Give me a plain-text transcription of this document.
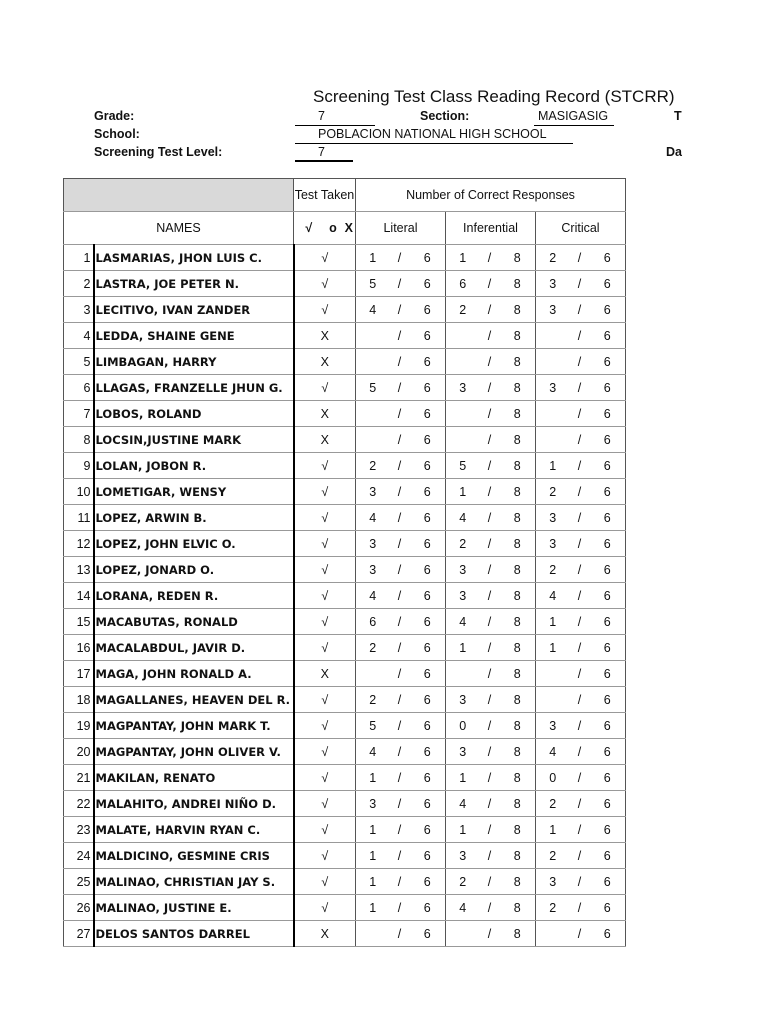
Screening Test Class Reading Record (STCRR)
Grade:	7	Section:	MASIGASIG	T
School:	POBLACION NATIONAL HIGH SCHOOL
Screening Test Level:	7	Da
		Test Taken			Number of Correct Responses								
NAMES		√	o	X	Literal			Inferential			Critical		
1	LASMARIAS, JHON LUIS C.	√			1	/	6	1	/	8	2	/	6
2	LASTRA, JOE PETER N.	√			5	/	6	6	/	8	3	/	6
3	LECITIVO, IVAN ZANDER	√			4	/	6	2	/	8	3	/	6
4	LEDDA, SHAINE GENE	X				/	6		/	8		/	6
5	LIMBAGAN, HARRY	X				/	6		/	8		/	6
6	LLAGAS, FRANZELLE JHUN G.	√			5	/	6	3	/	8	3	/	6
7	LOBOS, ROLAND	X				/	6		/	8		/	6
8	LOCSIN,JUSTINE MARK	X				/	6		/	8		/	6
9	LOLAN, JOBON R.	√			2	/	6	5	/	8	1	/	6
10	LOMETIGAR, WENSY	√			3	/	6	1	/	8	2	/	6
11	LOPEZ, ARWIN B.	√			4	/	6	4	/	8	3	/	6
12	LOPEZ, JOHN ELVIC O.	√			3	/	6	2	/	8	3	/	6
13	LOPEZ, JONARD O.	√			3	/	6	3	/	8	2	/	6
14	LORANA, REDEN R.	√			4	/	6	3	/	8	4	/	6
15	MACABUTAS, RONALD	√			6	/	6	4	/	8	1	/	6
16	MACALABDUL, JAVIR D.	√			2	/	6	1	/	8	1	/	6
17	MAGA, JOHN RONALD A.	X				/	6		/	8		/	6
18	MAGALLANES, HEAVEN DEL R.	√			2	/	6	3	/	8		/	6
19	MAGPANTAY, JOHN MARK T.	√			5	/	6	0	/	8	3	/	6
20	MAGPANTAY, JOHN OLIVER V.	√			4	/	6	3	/	8	4	/	6
21	MAKILAN, RENATO	√			1	/	6	1	/	8	0	/	6
22	MALAHITO, ANDREI NIÑO D.	√			3	/	6	4	/	8	2	/	6
23	MALATE, HARVIN RYAN C.	√			1	/	6	1	/	8	1	/	6
24	MALDICINO, GESMINE CRIS	√			1	/	6	3	/	8	2	/	6
25	MALINAO, CHRISTIAN JAY S.	√			1	/	6	2	/	8	3	/	6
26	MALINAO, JUSTINE E.	√			1	/	6	4	/	8	2	/	6
27	DELOS SANTOS DARREL	X				/	6		/	8		/	6
